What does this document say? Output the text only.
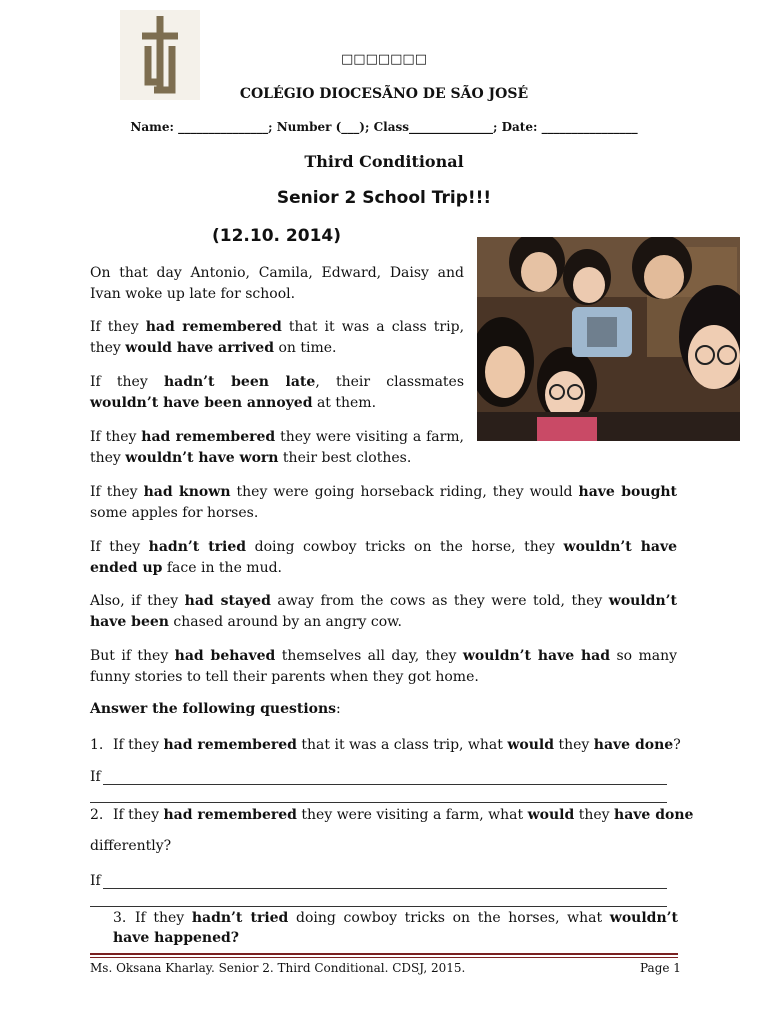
□□□□□□□
COLÉGIO DIOCESÃNO DE SÃO JOSÉ
Name: _______________; Number (___); Class______________; Date: ________________
Third Conditional
Senior 2 School Trip!!!
(12.10. 2014)

On that day Antonio, Camila, Edward, Daisy and Ivan woke up late for school.

If they had remembered that it was a class trip, they would have arrived on time.

If they hadn’t been late, their classmates wouldn’t have been annoyed at them.

If they had remembered they were visiting a farm, they wouldn’t have worn their best clothes.

If they had known they were going horseback riding, they would have bought some apples for horses.

If they hadn’t tried doing cowboy tricks on the horse, they wouldn’t have ended up face in the mud.

Also, if they had stayed away from the cows as they were told, they wouldn’t have been chased around by an angry cow.

But if they had behaved themselves all day, they wouldn’t have had so many funny stories to tell their parents when they got home.

Answer the following questions:
1. If they had remembered that it was a class trip, what would they have done?
If
2. If they had remembered they were visiting a farm, what would they have done
differently?
If
3. If they hadn’t tried doing cowboy tricks on the horses, what wouldn’t have happened?
Ms. Oksana Kharlay. Senior 2. Third Conditional. CDSJ, 2015.	Page 1
